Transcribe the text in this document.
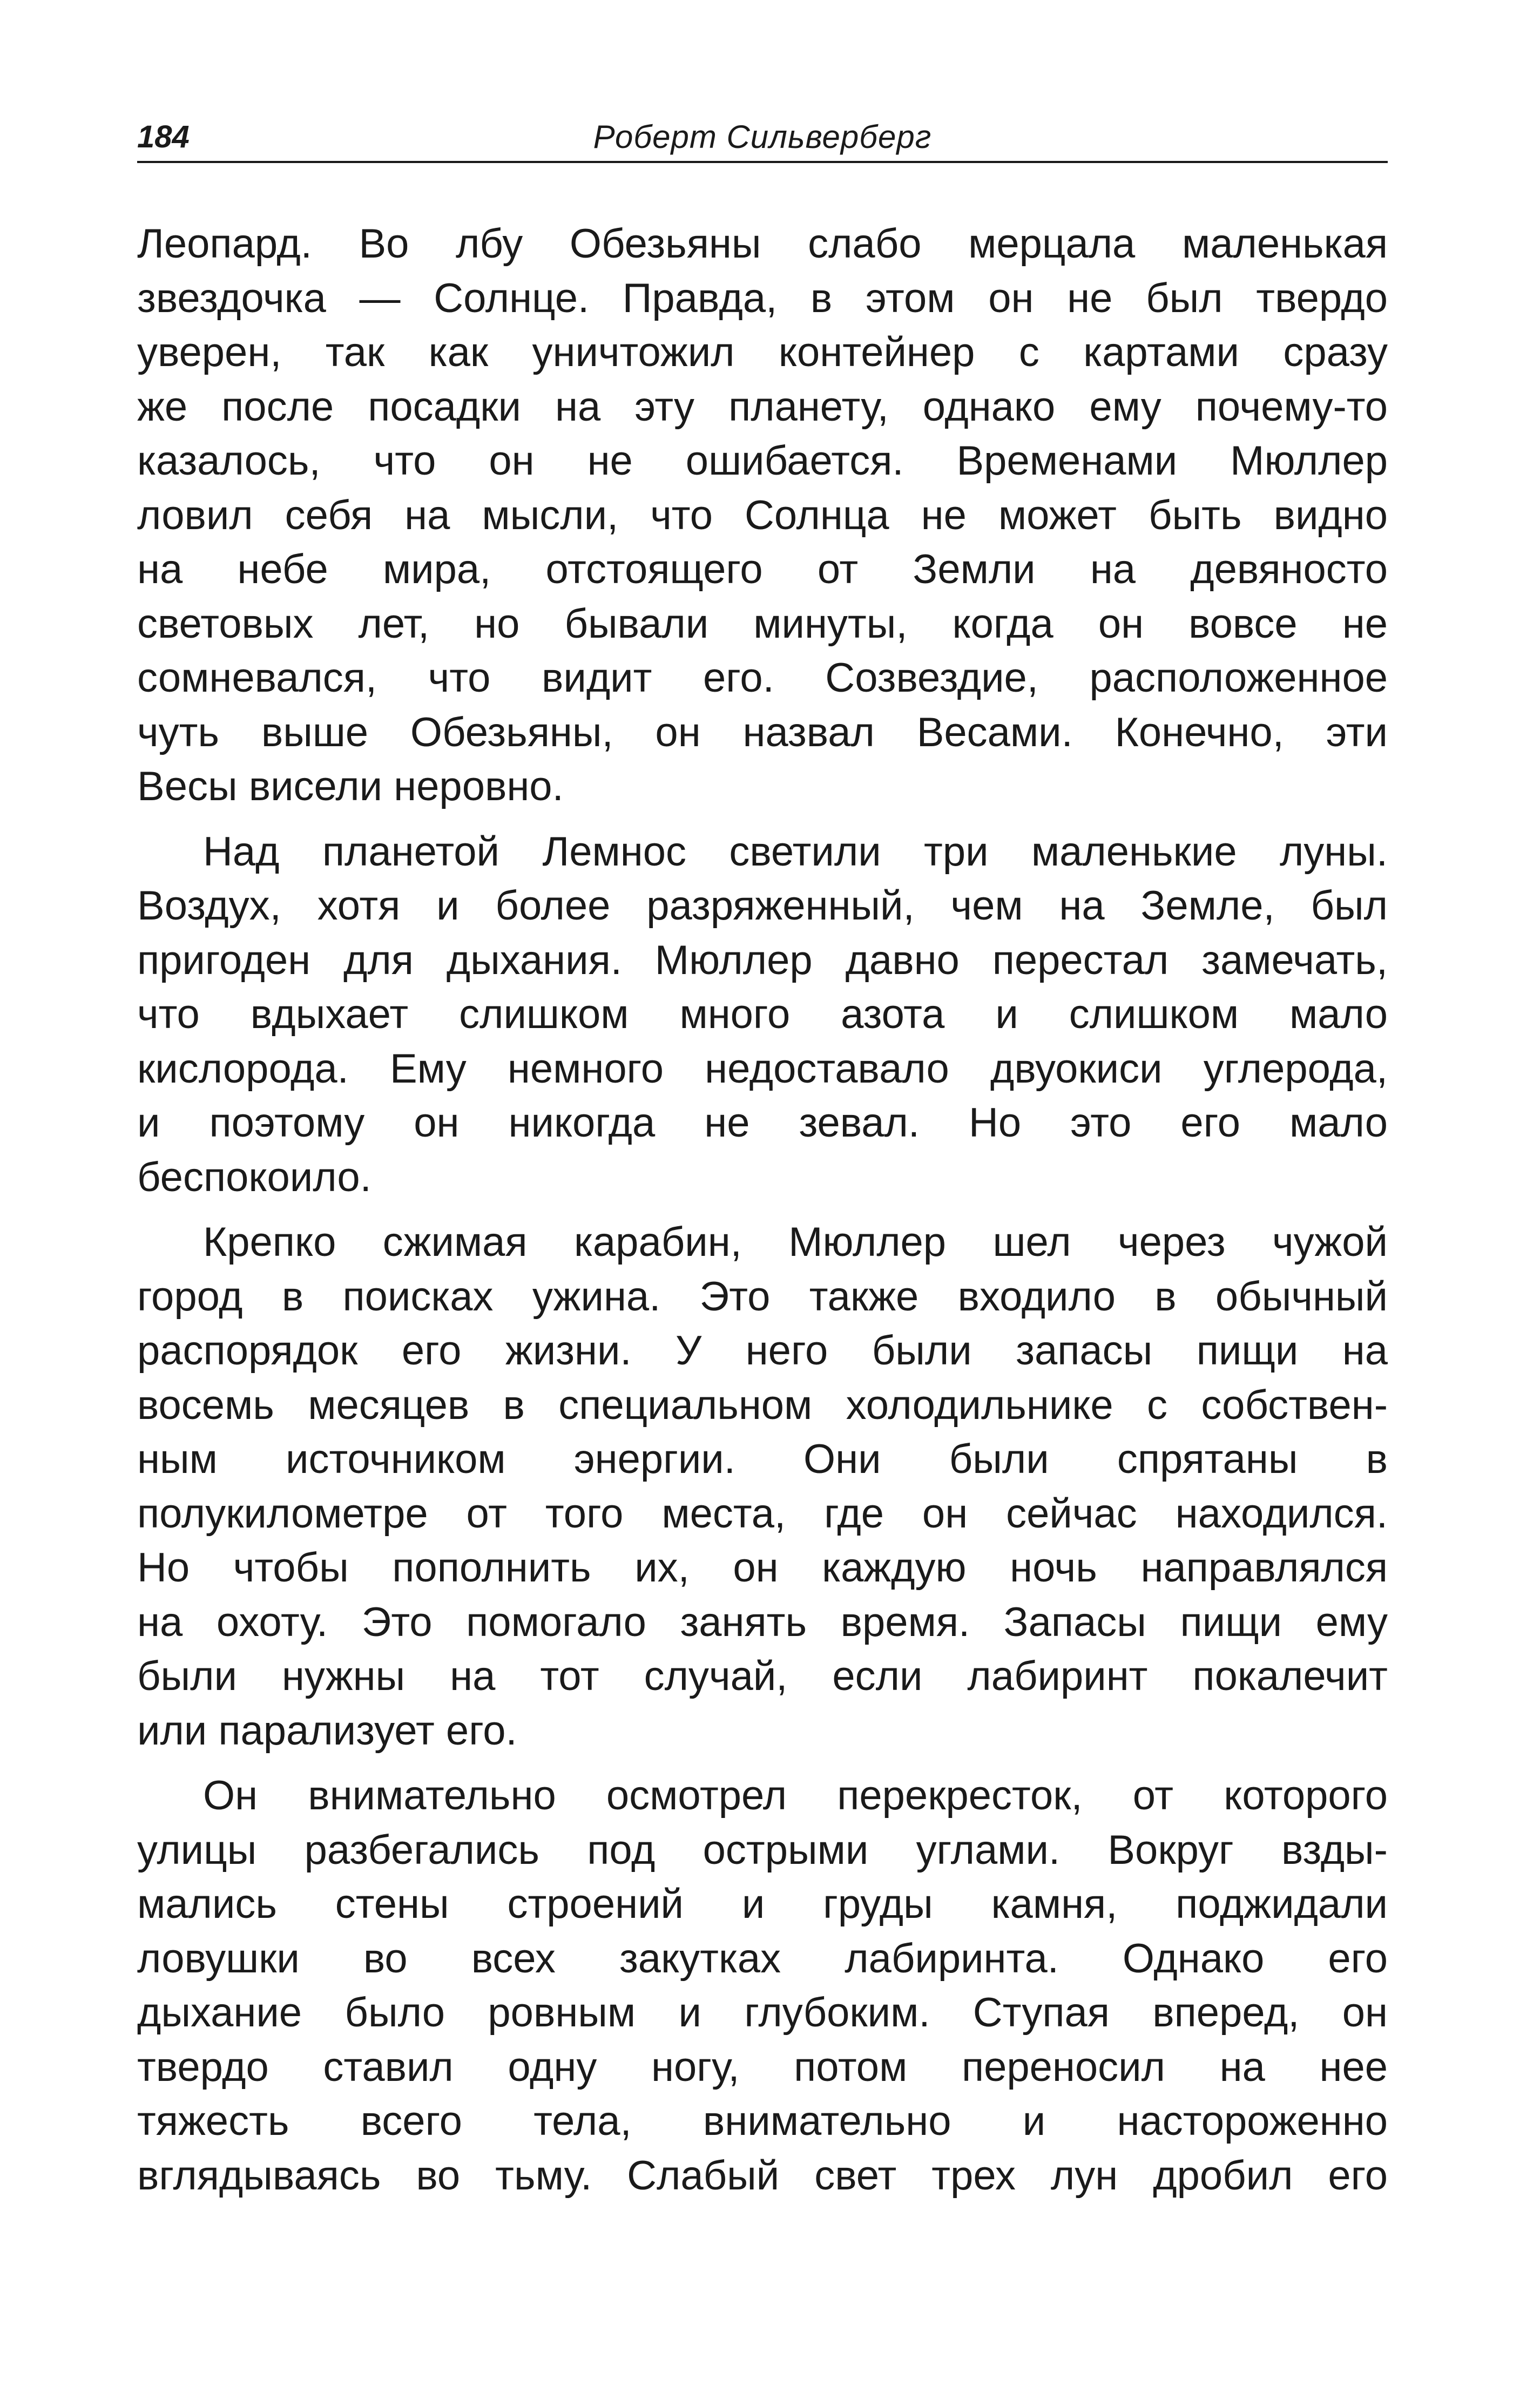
184	Роберт Сильверберг
Леопард. Во лбу Обезьяны слабо мерцала маленькая
звездочка — Солнце. Правда, в этом он не был твердо
уверен, так как уничтожил контейнер с картами сразу
же после посадки на эту планету, однако ему почему-то
казалось, что он не ошибается. Временами Мюллер
ловил себя на мысли, что Солнца не может быть видно
на небе мира, отстоящего от Земли на девяносто
световых лет, но бывали минуты, когда он вовсе не
сомневался, что видит его. Созвездие, расположенное
чуть выше Обезьяны, он назвал Весами. Конечно, эти
Весы висели неровно.
Над планетой Лемнос светили три маленькие луны.
Воздух, хотя и более разряженный, чем на Земле, был
пригоден для дыхания. Мюллер давно перестал замечать,
что вдыхает слишком много азота и слишком мало
кислорода. Ему немного недоставало двуокиси углерода,
и поэтому он никогда не зевал. Но это его мало
беспокоило.
Крепко сжимая карабин, Мюллер шел через чужой
город в поисках ужина. Это также входило в обычный
распорядок его жизни. У него были запасы пищи на
восемь месяцев в специальном холодильнике с собствен-
ным источником энергии. Они были спрятаны в
полукилометре от того места, где он сейчас находился.
Но чтобы пополнить их, он каждую ночь направлялся
на охоту. Это помогало занять время. Запасы пищи ему
были нужны на тот случай, если лабиринт покалечит
или парализует его.
Он внимательно осмотрел перекресток, от которого
улицы разбегались под острыми углами. Вокруг взды-
мались стены строений и груды камня, поджидали
ловушки во всех закутках лабиринта. Однако его
дыхание было ровным и глубоким. Ступая вперед, он
твердо ставил одну ногу, потом переносил на нее
тяжесть всего тела, внимательно и настороженно
вглядываясь во тьму. Слабый свет трех лун дробил его
